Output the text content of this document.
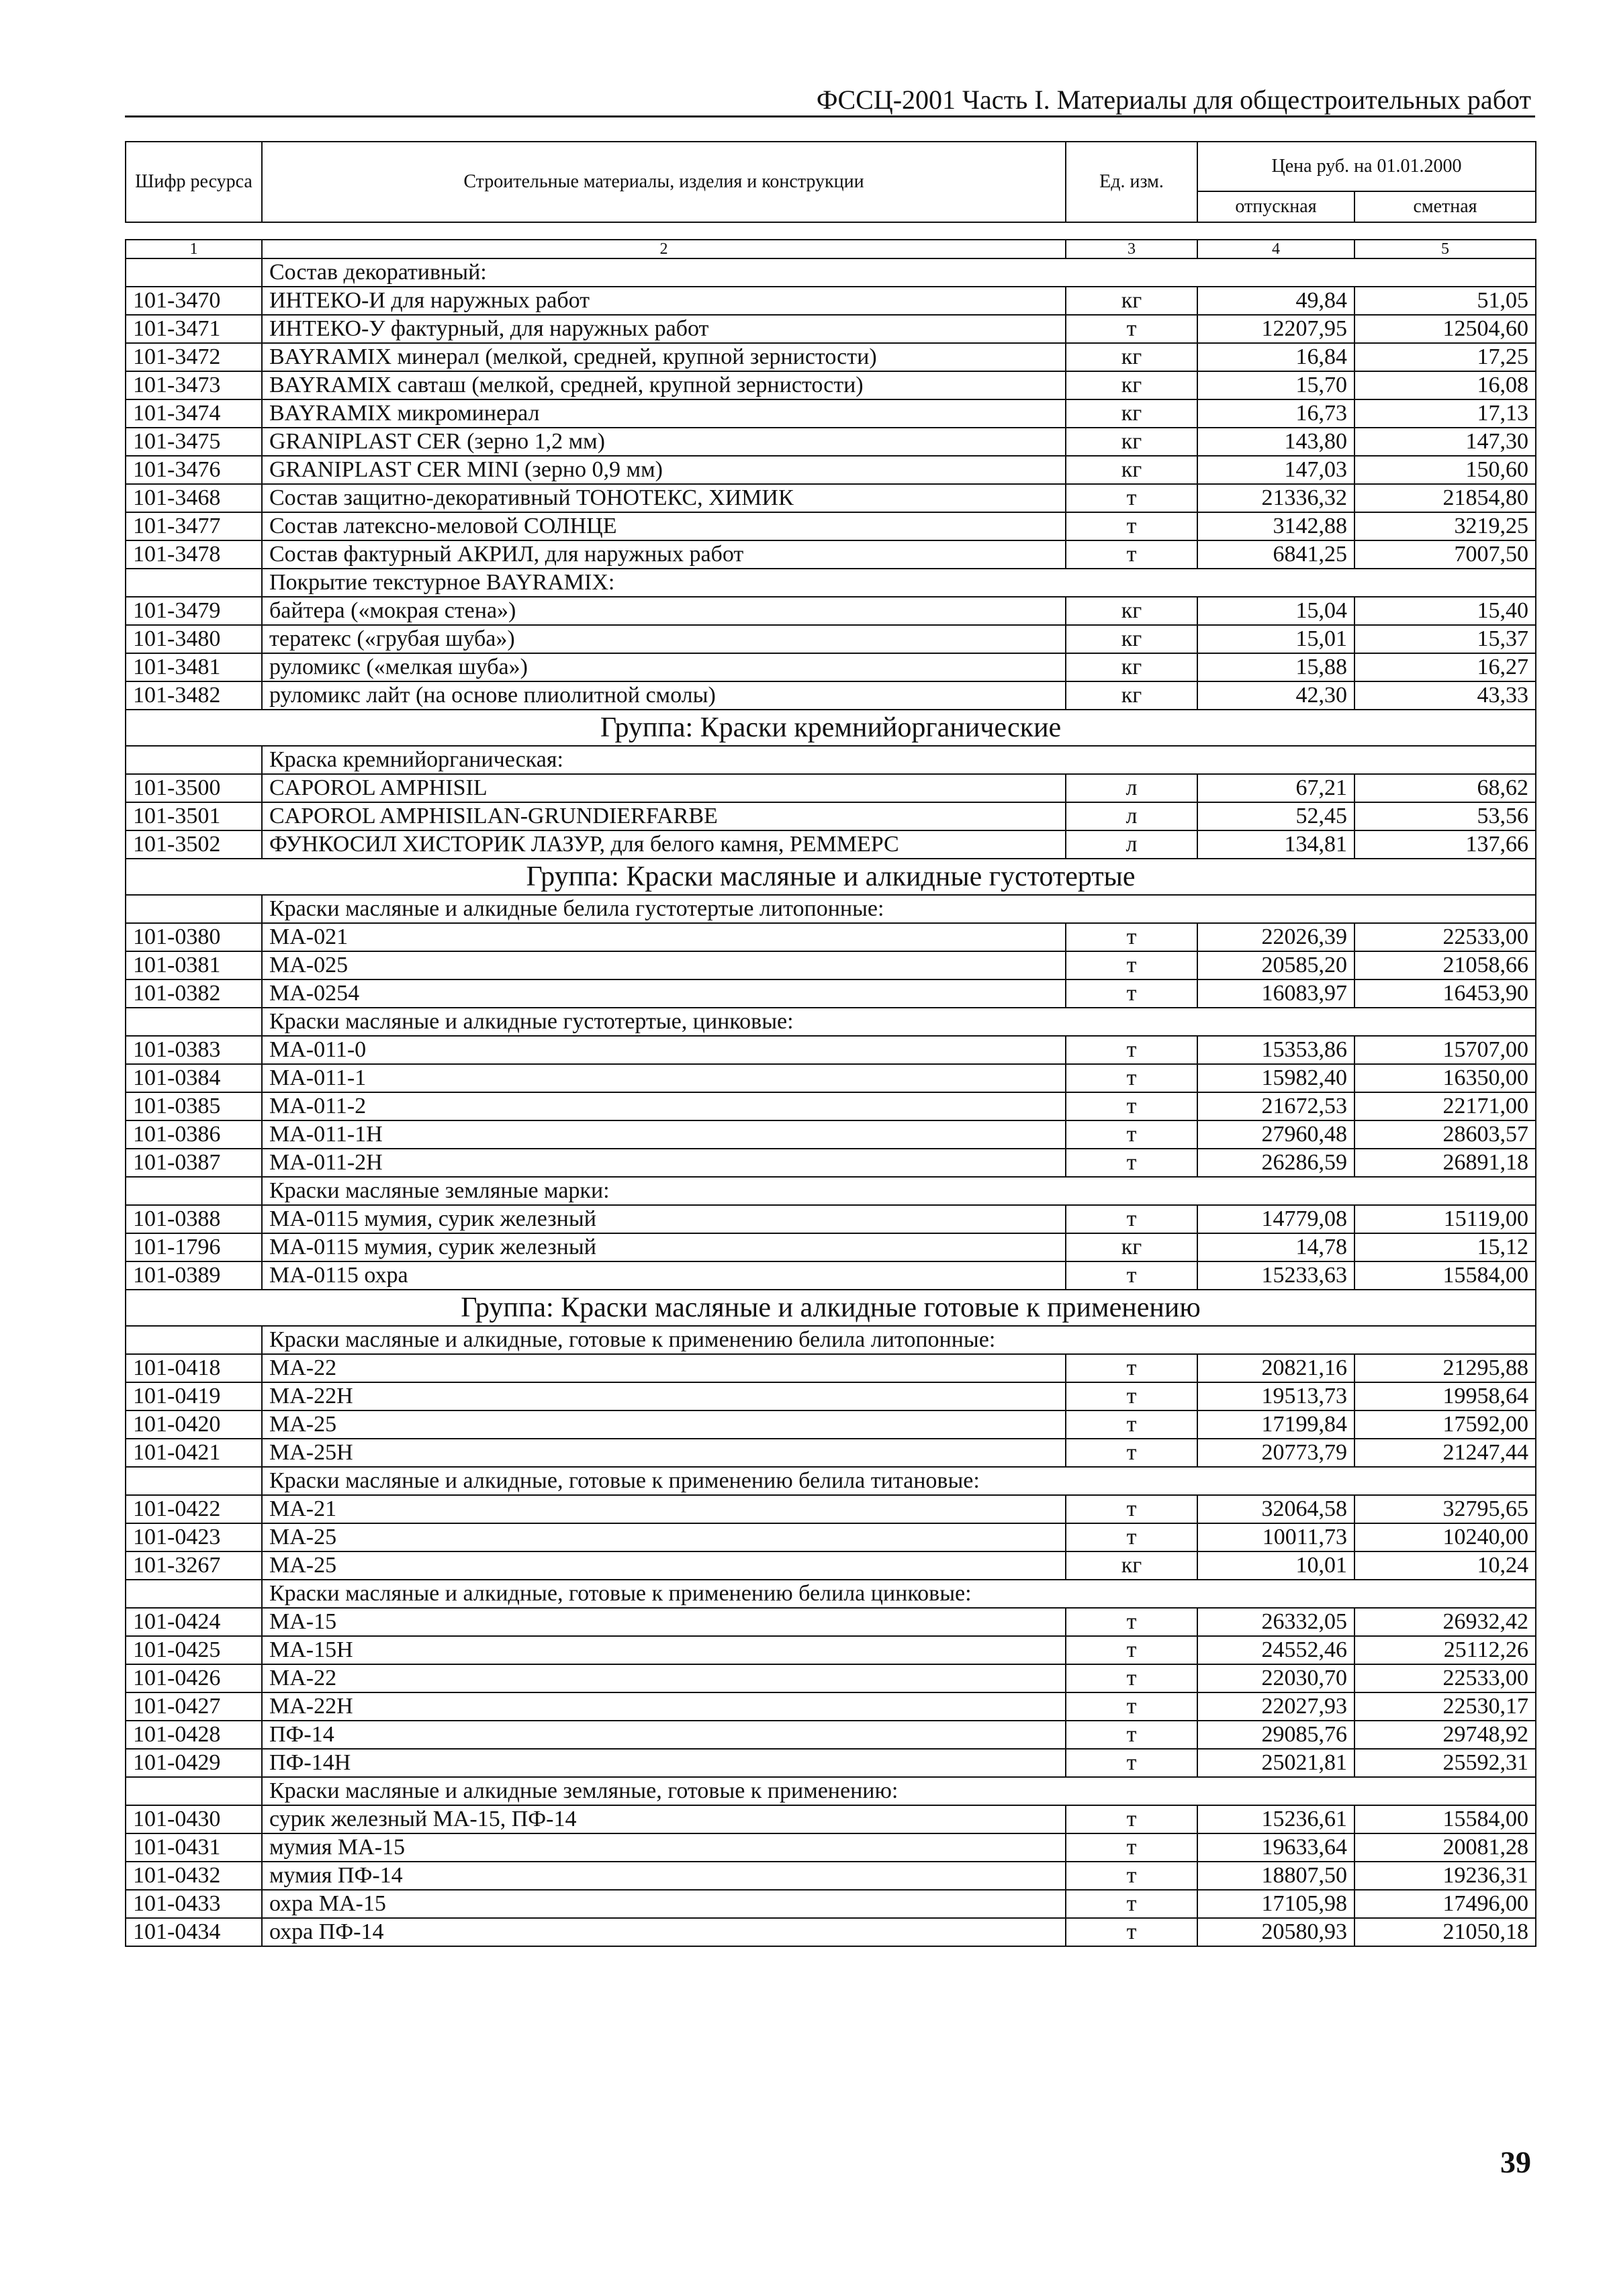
ФССЦ-2001 Часть I. Материалы для общестроительных работ
Шифр ресурса	Строительные материалы, изделия и конструкции	Ед. изм.	Цена руб. на 01.01.2000	
			отпускная	сметная

1	2	3	4	5
	Состав декоративный:			
101-3470	ИНТЕКО-И для наружных работ	кг	49,84	51,05
101-3471	ИНТЕКО-У фактурный, для наружных работ	т	12207,95	12504,60
101-3472	BAYRAMIX минерал (мелкой, средней, крупной зернистости)	кг	16,84	17,25
101-3473	BAYRAMIX савташ (мелкой, средней, крупной зернистости)	кг	15,70	16,08
101-3474	BAYRAMIX микроминерал	кг	16,73	17,13
101-3475	GRANIPLAST CER (зерно 1,2 мм)	кг	143,80	147,30
101-3476	GRANIPLAST CER MINI (зерно 0,9 мм)	кг	147,03	150,60
101-3468	Состав защитно-декоративный ТОНОТЕКС, ХИМИК	т	21336,32	21854,80
101-3477	Состав латексно-меловой СОЛНЦЕ	т	3142,88	3219,25
101-3478	Состав фактурный АКРИЛ, для наружных работ	т	6841,25	7007,50
	Покрытие текстурное BAYRAMIX:			
101-3479	байтера («мокрая стена»)	кг	15,04	15,40
101-3480	тератекс («грубая шуба»)	кг	15,01	15,37
101-3481	руломикс («мелкая шуба»)	кг	15,88	16,27
101-3482	руломикс лайт (на основе плиолитной смолы)	кг	42,30	43,33
Группа: Краски кремнийорганические				
	Краска кремнийорганическая:			
101-3500	CAPOROL AMPHISIL	л	67,21	68,62
101-3501	CAPOROL AMPHISILAN-GRUNDIERFARBE	л	52,45	53,56
101-3502	ФУНКОСИЛ ХИСТОРИК ЛАЗУР, для белого камня, РЕММЕРС	л	134,81	137,66
Группа: Краски масляные и алкидные густотертые				
	Краски масляные и алкидные белила густотертые литопонные:			
101-0380	МА-021	т	22026,39	22533,00
101-0381	МА-025	т	20585,20	21058,66
101-0382	МА-0254	т	16083,97	16453,90
	Краски масляные и алкидные густотертые, цинковые:			
101-0383	МА-011-0	т	15353,86	15707,00
101-0384	МА-011-1	т	15982,40	16350,00
101-0385	МА-011-2	т	21672,53	22171,00
101-0386	МА-011-1Н	т	27960,48	28603,57
101-0387	МА-011-2Н	т	26286,59	26891,18
	Краски масляные земляные марки:			
101-0388	МА-0115 мумия, сурик железный	т	14779,08	15119,00
101-1796	МА-0115 мумия, сурик железный	кг	14,78	15,12
101-0389	МА-0115 охра	т	15233,63	15584,00
Группа: Краски масляные и алкидные готовые к применению				
	Краски масляные и алкидные, готовые к применению белила литопонные:			
101-0418	МА-22	т	20821,16	21295,88
101-0419	МА-22Н	т	19513,73	19958,64
101-0420	МА-25	т	17199,84	17592,00
101-0421	МА-25Н	т	20773,79	21247,44
	Краски масляные и алкидные, готовые к применению белила титановые:			
101-0422	МА-21	т	32064,58	32795,65
101-0423	МА-25	т	10011,73	10240,00
101-3267	МА-25	кг	10,01	10,24
	Краски масляные и алкидные, готовые к применению белила цинковые:			
101-0424	МА-15	т	26332,05	26932,42
101-0425	МА-15Н	т	24552,46	25112,26
101-0426	МА-22	т	22030,70	22533,00
101-0427	МА-22Н	т	22027,93	22530,17
101-0428	ПФ-14	т	29085,76	29748,92
101-0429	ПФ-14Н	т	25021,81	25592,31
	Краски масляные и алкидные земляные, готовые к применению:			
101-0430	сурик железный МА-15, ПФ-14	т	15236,61	15584,00
101-0431	мумия МА-15	т	19633,64	20081,28
101-0432	мумия ПФ-14	т	18807,50	19236,31
101-0433	охра МА-15	т	17105,98	17496,00
101-0434	охра ПФ-14	т	20580,93	21050,18
39
